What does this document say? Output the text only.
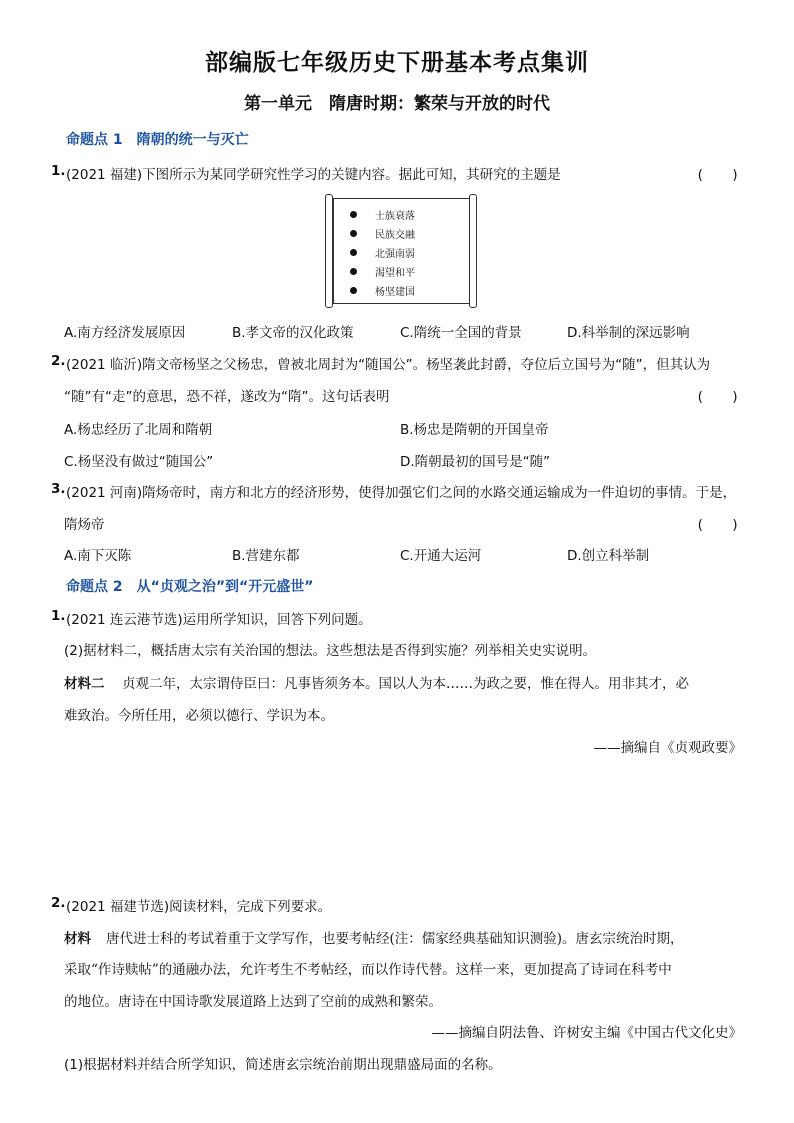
部编版七年级历史下册基本考点集训
第一单元　隋唐时期：繁荣与开放的时代
命题点 1　隋朝的统一与灭亡
1. (2021 福建)下图所示为某同学研究性学习的关键内容。据此可知，其研究的主题是	(　　)
士族衰落
民族交融
北强南弱
渴望和平
杨坚建国
A.南方经济发展原因	B.孝文帝的汉化政策	C.隋统一全国的背景	D.科举制的深远影响
2. (2021 临沂)隋文帝杨坚之父杨忠，曾被北周封为“随国公”。杨坚袭此封爵，夺位后立国号为“随”，但其认为
“随”有“走”的意思，恐不祥，遂改为“隋”。这句话表明	(　　)
A.杨忠经历了北周和隋朝	B.杨忠是隋朝的开国皇帝
C.杨坚没有做过“随国公”	D.隋朝最初的国号是“随”
3. (2021 河南)隋炀帝时，南方和北方的经济形势，使得加强它们之间的水路交通运输成为一件迫切的事情。于是，
隋炀帝	(　　)
A.南下灭陈	B.营建东都	C.开通大运河	D.创立科举制
命题点 2　从“贞观之治”到“开元盛世”
1. (2021 连云港节选)运用所学知识，回答下列问题。
(2)据材料二，概括唐太宗有关治国的想法。这些想法是否得到实施？列举相关史实说明。
材料二 贞观二年，太宗谓侍臣曰：凡事皆须务本。国以人为本……为政之要，惟在得人。用非其才，必
难致治。今所任用，必须以德行、学识为本。
——摘编自《贞观政要》
2. (2021 福建节选)阅读材料，完成下列要求。
材料 唐代进士科的考试着重于文学写作，也要考帖经(注：儒家经典基础知识测验)。唐玄宗统治时期，
采取“作诗赎帖”的通融办法，允许考生不考帖经，而以作诗代替。这样一来，更加提高了诗词在科考中
的地位。唐诗在中国诗歌发展道路上达到了空前的成熟和繁荣。
——摘编自阴法鲁、许树安主编《中国古代文化史》
(1)根据材料并结合所学知识，简述唐玄宗统治前期出现鼎盛局面的名称。
